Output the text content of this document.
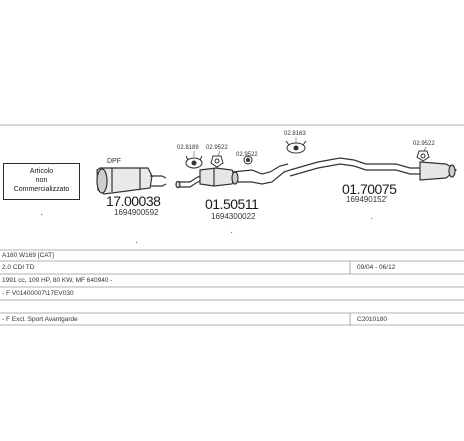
Articolo
non
Commercializzato
·
·
·
·
DPF
17.00038
1694900592
01.50511
1694300022
01.70075
169490152'
02.8189 02.9522
02.9522
02.8163
02.9522
A180 W169 [CAT]
2.0 CDI TD	09/04 - 06/12
1991 cc, 109 HP, 80 KW, MF 640940 -
- F V01400007\17EV030
- F Excl. Sport Avantgarde	C2010180
